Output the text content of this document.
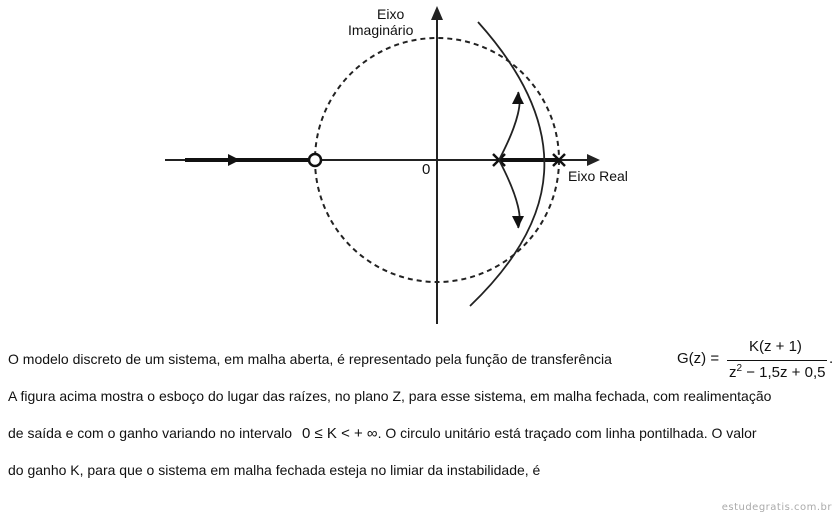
Eixo
Imaginário
Eixo Real
0
O modelo discreto de um sistema, em malha aberta, é representado pela função de transferência	G(z) =
K(z + 1)
$z^2 - 1,5z + 0,5$
.
A figura acima mostra o esboço do lugar das raízes, no plano Z, para esse sistema, em malha fechada, com realimentação
de saída e com o ganho variando no intervalo 0 ≤ K < + ∞. O circulo unitário está traçado com linha pontilhada. O valor
do ganho K, para que o sistema em malha fechada esteja no limiar da instabilidade, é
estudegratis.com.br
